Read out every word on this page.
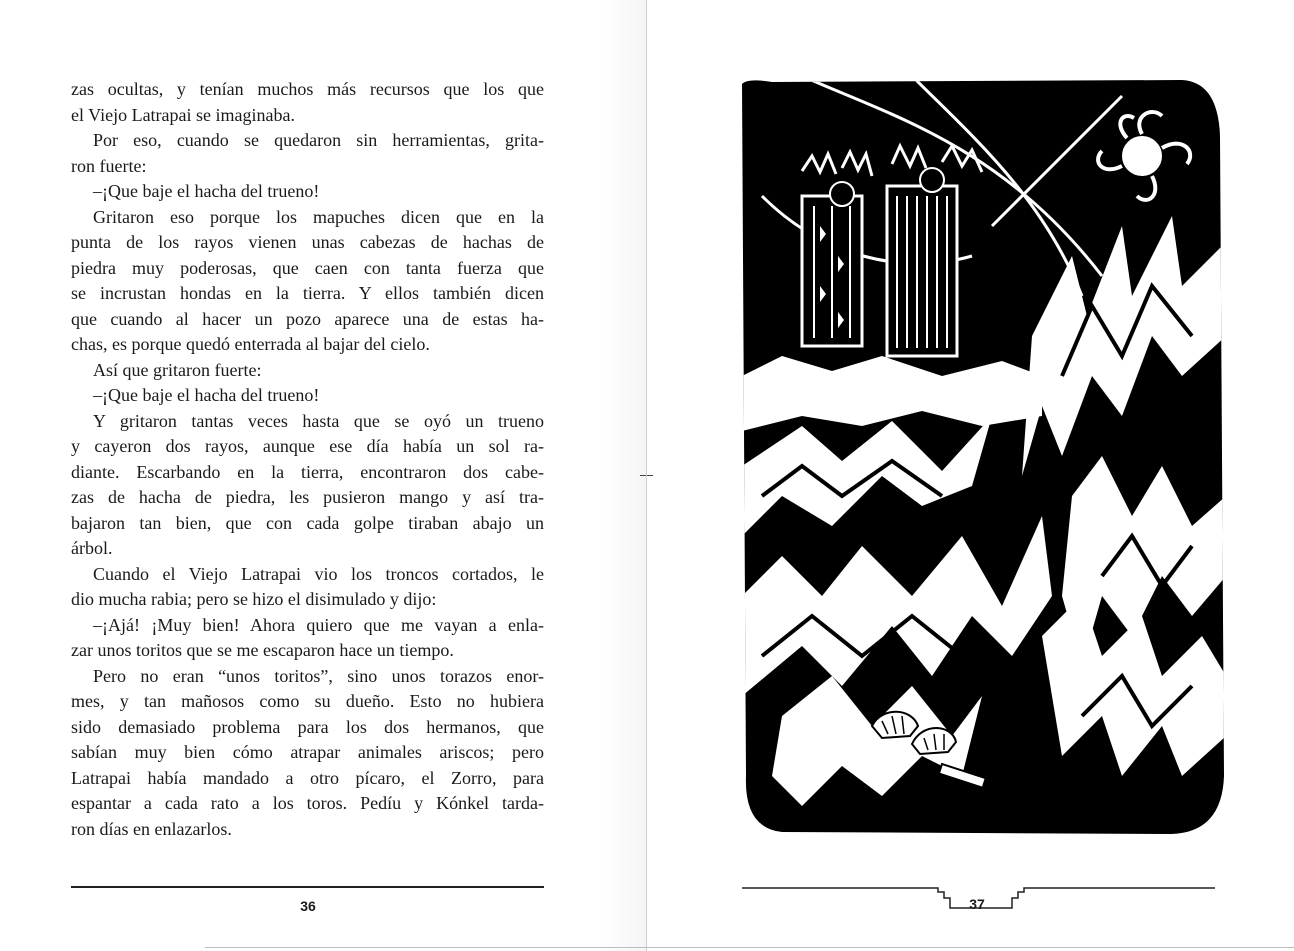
zas ocultas, y tenían muchos más recursos que los que

el Viejo Latrapai se imaginaba.

Por eso, cuando se quedaron sin herramientas, grita-

ron fuerte:

–¡Que baje el hacha del trueno!

Gritaron eso porque los mapuches dicen que en la

punta de los rayos vienen unas cabezas de hachas de

piedra muy poderosas, que caen con tanta fuerza que

se incrustan hondas en la tierra. Y ellos también dicen

que cuando al hacer un pozo aparece una de estas ha-

chas, es porque quedó enterrada al bajar del cielo.

Así que gritaron fuerte:

–¡Que baje el hacha del trueno!

Y gritaron tantas veces hasta que se oyó un trueno

y cayeron dos rayos, aunque ese día había un sol ra-

diante. Escarbando en la tierra, encontraron dos cabe-

zas de hacha de piedra, les pusieron mango y así tra-

bajaron tan bien, que con cada golpe tiraban abajo un

árbol.

Cuando el Viejo Latrapai vio los troncos cortados, le

dio mucha rabia; pero se hizo el disimulado y dijo:

–¡Ajá! ¡Muy bien! Ahora quiero que me vayan a enla-

zar unos toritos que se me escaparon hace un tiempo.

Pero no eran “unos toritos”, sino unos torazos enor-

mes, y tan mañosos como su dueño. Esto no hubiera

sido demasiado problema para los dos hermanos, que

sabían muy bien cómo atrapar animales ariscos; pero

Latrapai había mandado a otro pícaro, el Zorro, para

espantar a cada rato a los toros. Pedíu y Kónkel tarda-

ron días en enlazarlos.

36	37
